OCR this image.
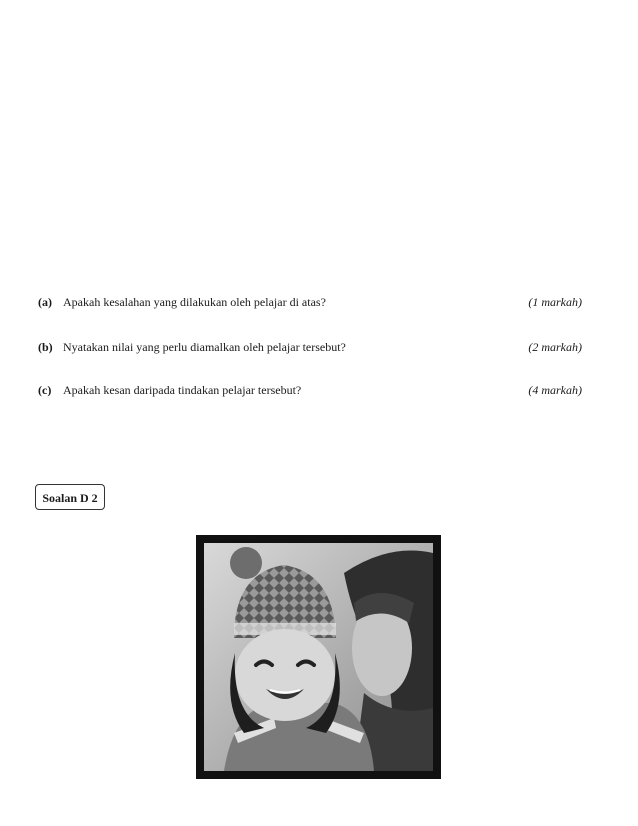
(a) Apakah kesalahan yang dilakukan oleh pelajar di atas?	(1 markah)
(b) Nyatakan nilai yang perlu diamalkan oleh pelajar tersebut?	(2 markah)
(c) Apakah kesan daripada tindakan pelajar tersebut?	(4 markah)
Soalan D 2
